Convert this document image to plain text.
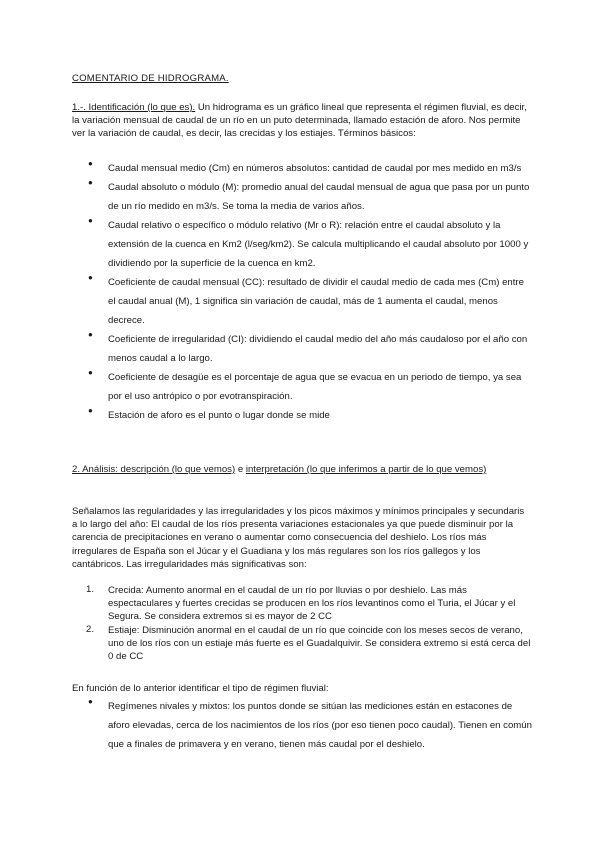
COMENTARIO DE HIDROGRAMA.

1.-. Identificación (lo que es). Un hidrograma es un gráfico lineal que representa el régimen fluvial, es decir, la variación mensual de caudal de un río en un puto determinada, llamado estación de aforo. Nos permite ver la variación de caudal, es decir, las crecidas y los estiajes. Términos básicos:

● Caudal mensual medio (Cm) en números absolutos: cantidad de caudal por mes medido en m3/s
● Caudal absoluto o módulo (M): promedio anual del caudal mensual de agua que pasa por un punto de un río medido en m3/s. Se toma la media de varios años.
● Caudal relativo o específico o módulo relativo (Mr o R): relación entre el caudal absoluto y la extensión de la cuenca en Km2 (l/seg/km2). Se calcula multiplicando el caudal absoluto por 1000 y dividiendo por la superficie de la cuenca en km2.
● Coeficiente de caudal mensual (CC): resultado de dividir el caudal medio de cada mes (Cm) entre el caudal anual (M), 1 significa sin variación de caudal, más de 1 aumenta el caudal, menos decrece.
● Coeficiente de irregularidad (CI): dividiendo el caudal medio del año más caudaloso por el año con menos caudal a lo largo.
● Coeficiente de desagüe es el porcentaje de agua que se evacua en un periodo de tiempo, ya sea por el uso antrópico o por evotranspiración.
● Estación de aforo es el punto o lugar donde se mide

2. Análisis: descripción (lo que vemos) e interpretación (lo que inferimos a partir de lo que vemos)

Señalamos las regularidades y las irregularidades y los picos máximos y mínimos principales y secundaris a lo largo del año: El caudal de los ríos presenta variaciones estacionales ya que puede disminuir por la carencia de precipitaciones en verano o aumentar como consecuencia del deshielo. Los ríos más irregulares de España son el Júcar y el Guadiana y los más regulares son los ríos gallegos y los cantábricos. Las irregularidades más significativas son:

1. Crecida: Aumento anormal en el caudal de un río por lluvias o por deshielo. Las más espectaculares y fuertes crecidas se producen en los ríos levantinos como el Turia, el Júcar y el Segura. Se considera extremos si es mayor de 2 CC
2. Estiaje: Disminución anormal en el caudal de un río que coincide con los meses secos de verano, uno de los ríos con un estiaje más fuerte es el Guadalquivir. Se considera extremo si está cerca del 0 de CC

En función de lo anterior identificar el tipo de régimen fluvial:

● Regímenes nivales y mixtos: los puntos donde se sitúan las mediciones están en estacones de aforo elevadas, cerca de los nacimientos de los ríos (por eso tienen poco caudal). Tienen en común que a finales de primavera y en verano, tienen más caudal por el deshielo.
